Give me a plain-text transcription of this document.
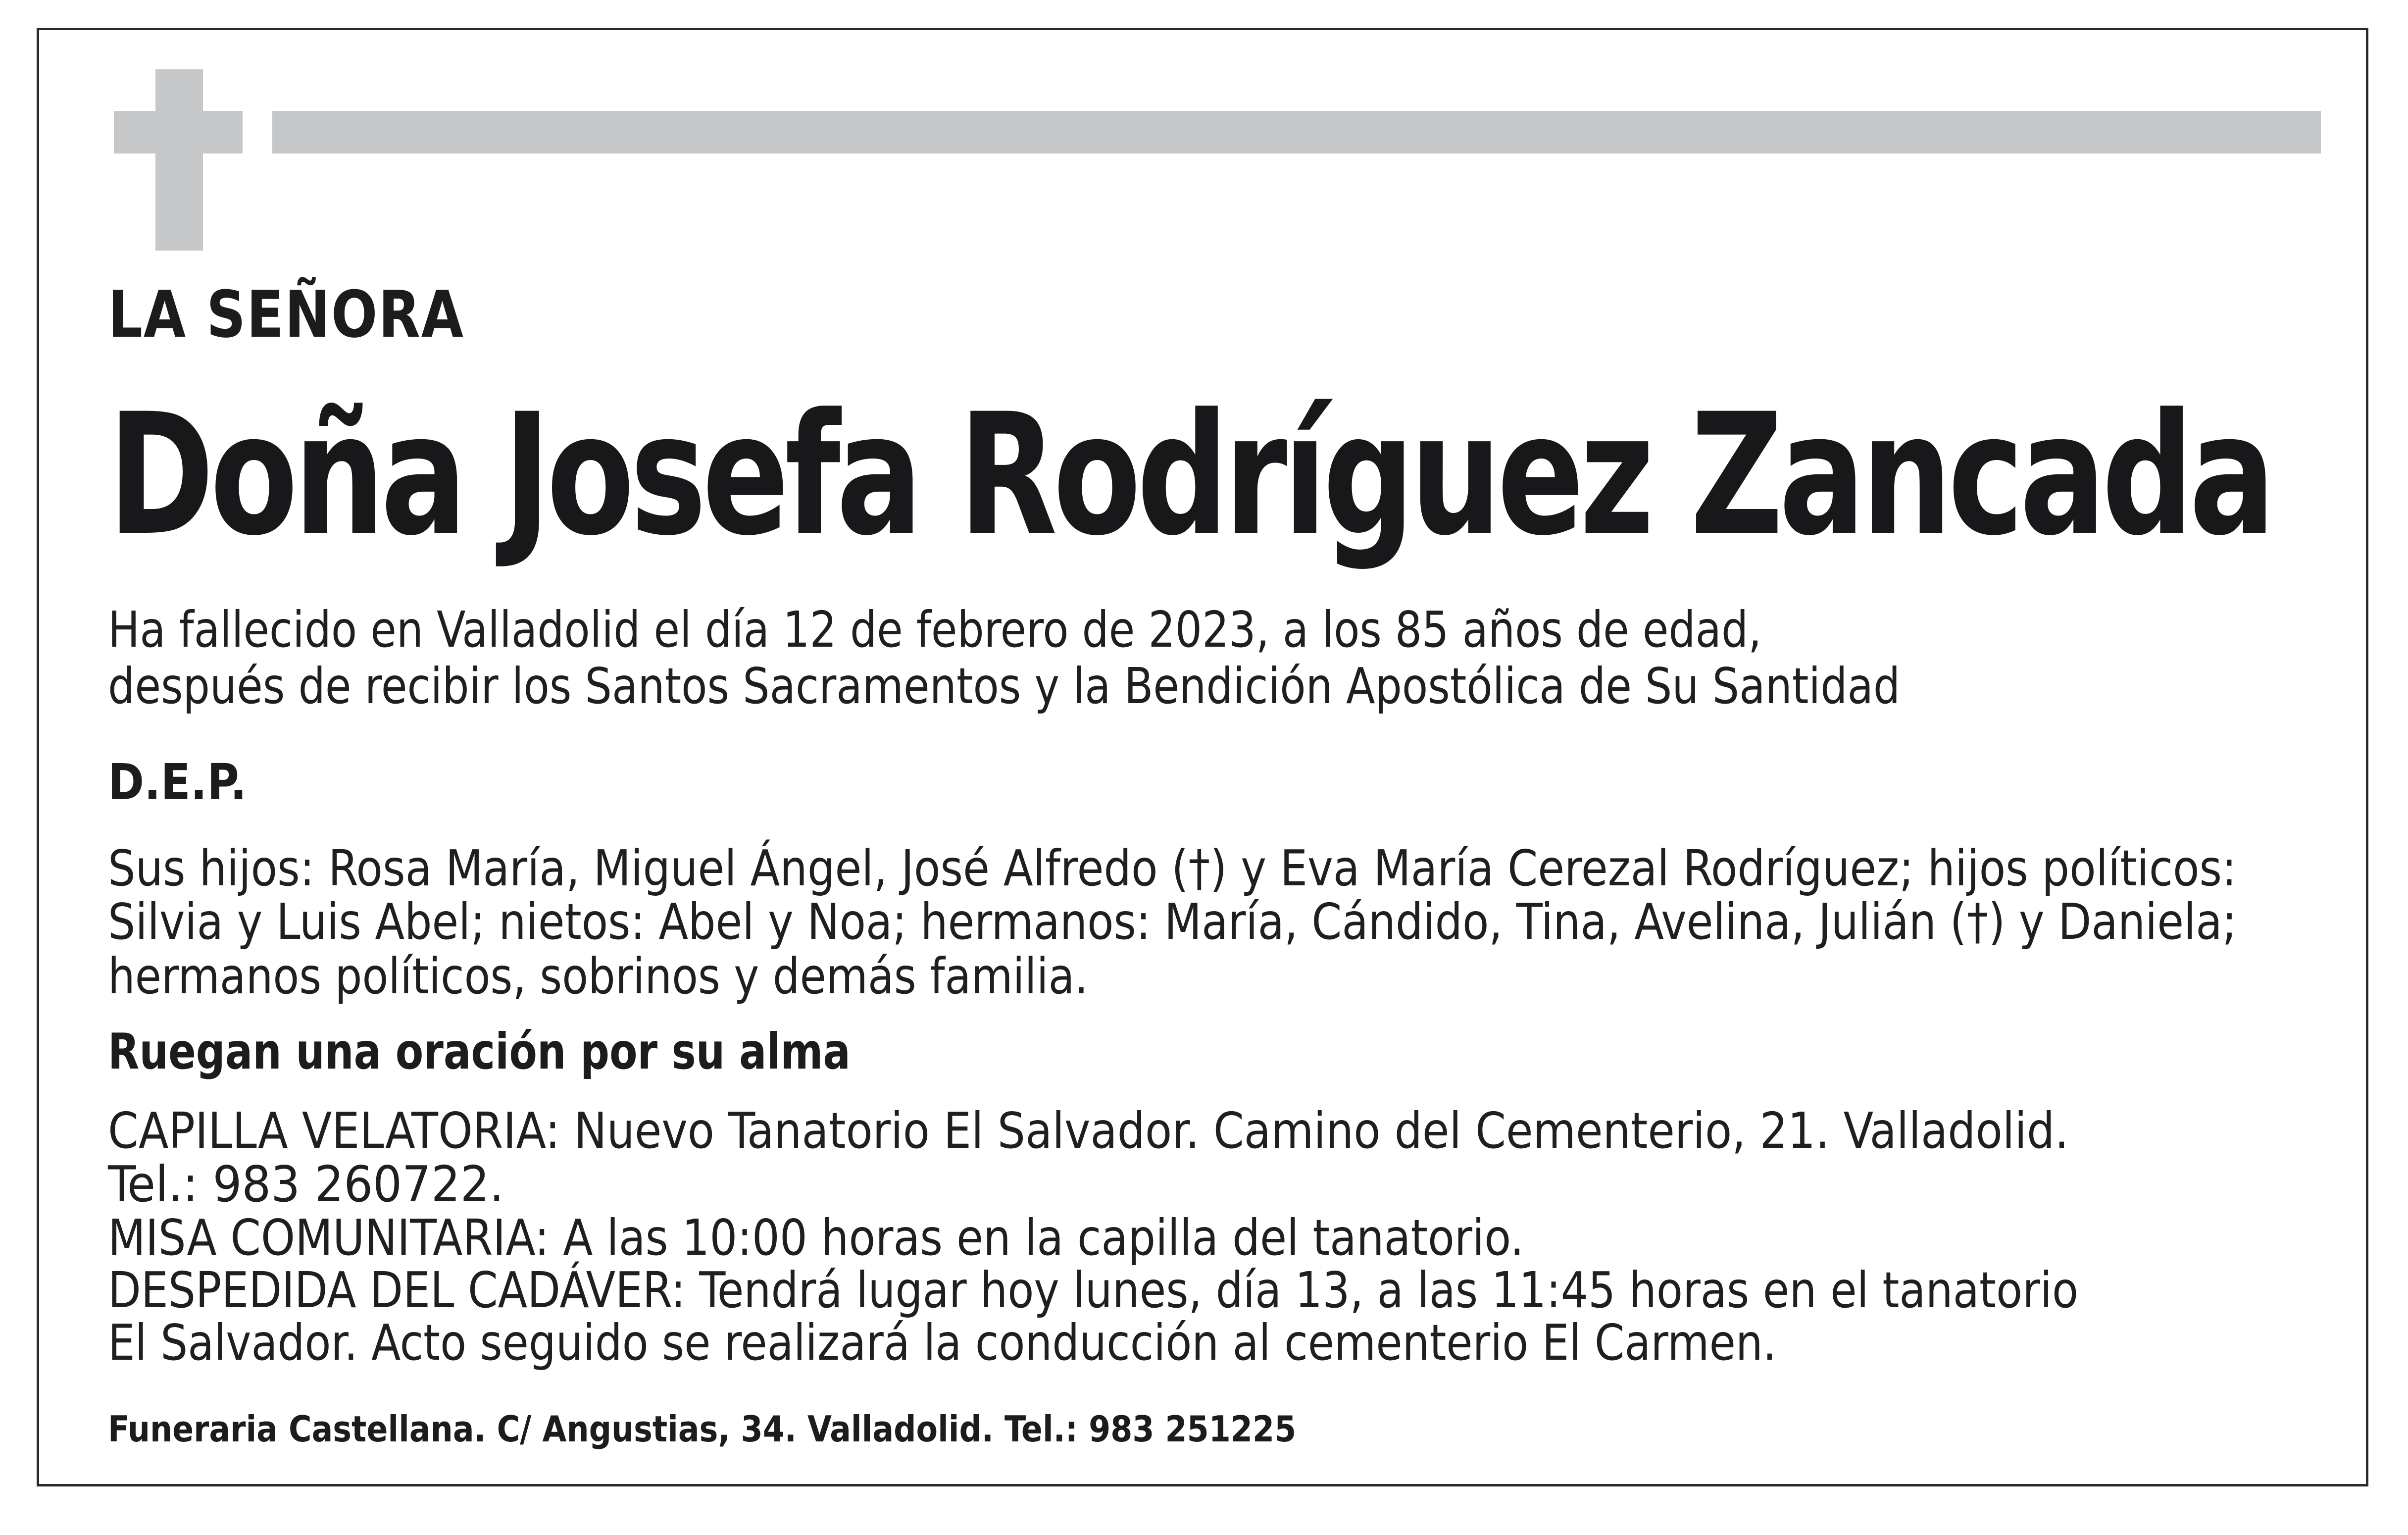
LA SEÑORA
Doña Josefa Rodríguez Zancada
Ha fallecido en Valladolid el día 12 de febrero de 2023, a los 85 años de edad,
después de recibir los Santos Sacramentos y la Bendición Apostólica de Su Santidad
D.E.P.
Sus hijos: Rosa María, Miguel Ángel, José Alfredo (†) y Eva María Cerezal Rodríguez; hijos políticos:
Silvia y Luis Abel; nietos: Abel y Noa; hermanos: María, Cándido, Tina, Avelina, Julián (†) y Daniela;
hermanos políticos, sobrinos y demás familia.
Ruegan una oración por su alma
CAPILLA VELATORIA: Nuevo Tanatorio El Salvador. Camino del Cementerio, 21. Valladolid.
Tel.: 983 260722.
MISA COMUNITARIA: A las 10:00 horas en la capilla del tanatorio.
DESPEDIDA DEL CADÁVER: Tendrá lugar hoy lunes, día 13, a las 11:45 horas en el tanatorio
El Salvador. Acto seguido se realizará la conducción al cementerio El Carmen.
Funeraria Castellana. C/ Angustias, 34. Valladolid. Tel.: 983 251225
